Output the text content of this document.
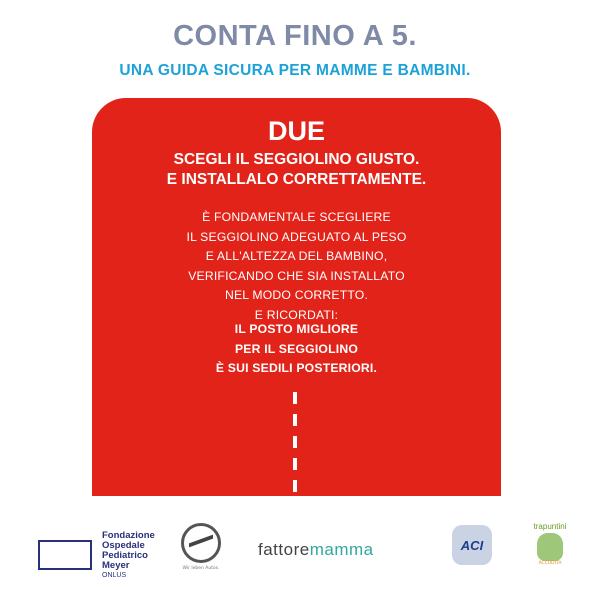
CONTA FINO A 5.
UNA GUIDA SICURA PER MAMME E BAMBINI.
DUE
SCEGLI IL SEGGIOLINO GIUSTO.
E INSTALLALO CORRETTAMENTE.
È FONDAMENTALE SCEGLIERE
IL SEGGIOLINO ADEGUATO AL PESO
E ALL'ALTEZZA DEL BAMBINO,
VERIFICANDO CHE SIA INSTALLATO
NEL MODO CORRETTO.
E RICORDATI:
IL POSTO MIGLIORE
PER IL SEGGIOLINO
È SUI SEDILI POSTERIORI.
Fondazione
Ospedale
Pediatrico
Meyer
ONLUS
Wir leben Autos.
fattoremamma	ACI
trapuntini
ACCUDITA
